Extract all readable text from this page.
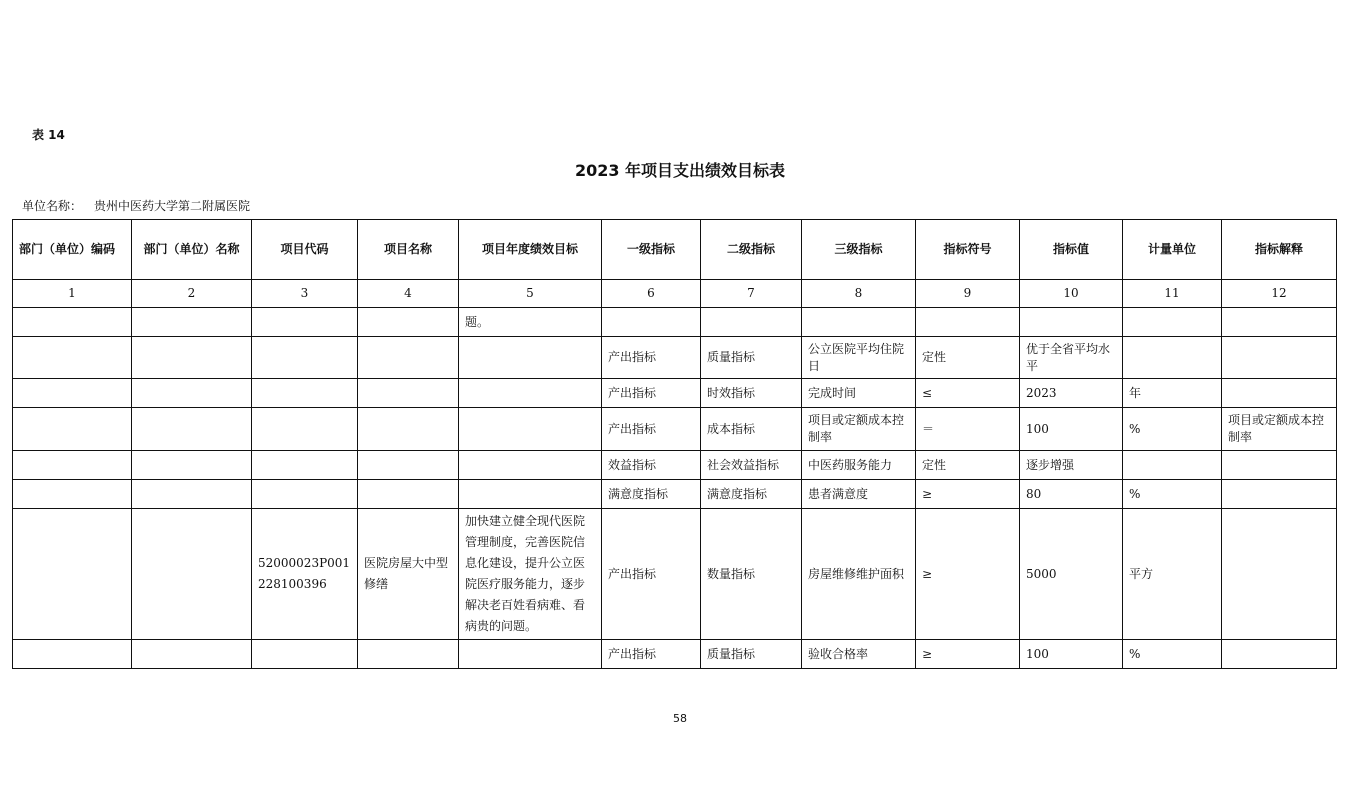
表 14
2023 年项目支出绩效目标表
单位名称： 贵州中医药大学第二附属医院
部门（单位）编码	部门（单位）名称	项目代码	项目名称	项目年度绩效目标	一级指标	二级指标	三级指标	指标符号	指标值	计量单位	指标解释
1	2	3	4	5	6	7	8	9	10	11	12
				题。							
					产出指标	质量指标	公立医院平均住院日	定性	优于全省平均水平		
					产出指标	时效指标	完成时间	≤	2023	年	
					产出指标	成本指标	项目或定额成本控制率	＝	100	%	项目或定额成本控制率
					效益指标	社会效益指标	中医药服务能力	定性	逐步增强		
					满意度指标	满意度指标	患者满意度	≥	80	%	
		52000023P001228100396	医院房屋大中型修缮	加快建立健全现代医院管理制度，完善医院信息化建设，提升公立医院医疗服务能力，逐步解决老百姓看病难、看病贵的问题。	产出指标	数量指标	房屋维修维护面积	≥	5000	平方	
					产出指标	质量指标	验收合格率	≥	100	%	
58
